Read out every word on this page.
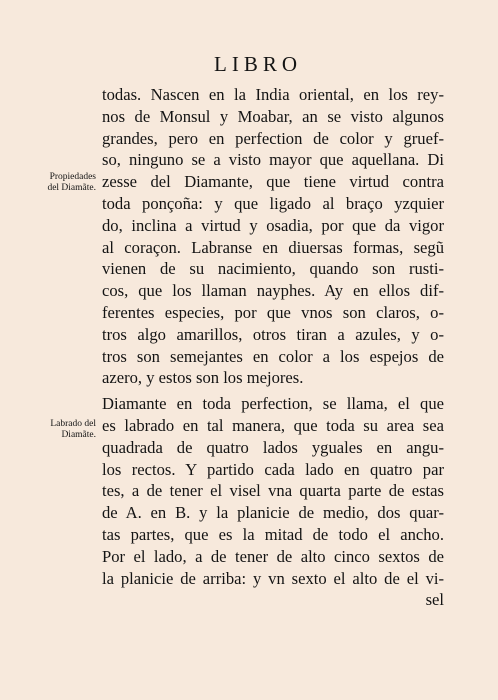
LIBRO
Propiedades
del Diamãte.
Labrado del
Diamãte.
todas. Nascen en la India oriental, en los rey-
nos de Monsul y Moabar, an se visto algunos
grandes, pero en perfection de color y gruef-
so, ninguno se a visto mayor que aquellana. Di
zesse del Diamante, que tiene virtud contra
toda ponçoña: y que ligado al braço yzquier
do, inclina a virtud y osadia, por que da vigor
al coraçon. Labranse en diuersas formas, segũ
vienen de su nacimiento, quando son rusti-
cos, que los llaman nayphes. Ay en ellos dif-
ferentes especies, por que vnos son claros, o-
tros algo amarillos, otros tiran a azules, y o-
tros son semejantes en color a los espejos de
azero, y estos son los mejores.
Diamante en toda perfection, se llama, el que
es labrado en tal manera, que toda su area sea
quadrada de quatro lados yguales en angu-
los rectos. Y partido cada lado en quatro par
tes, a de tener el visel vna quarta parte de estas
de A. en B. y la planicie de medio, dos quar-
tas partes, que es la mitad de todo el ancho.
Por el lado, a de tener de alto cinco sextos de
la planicie de arriba: y vn sexto el alto de el vi-
sel
